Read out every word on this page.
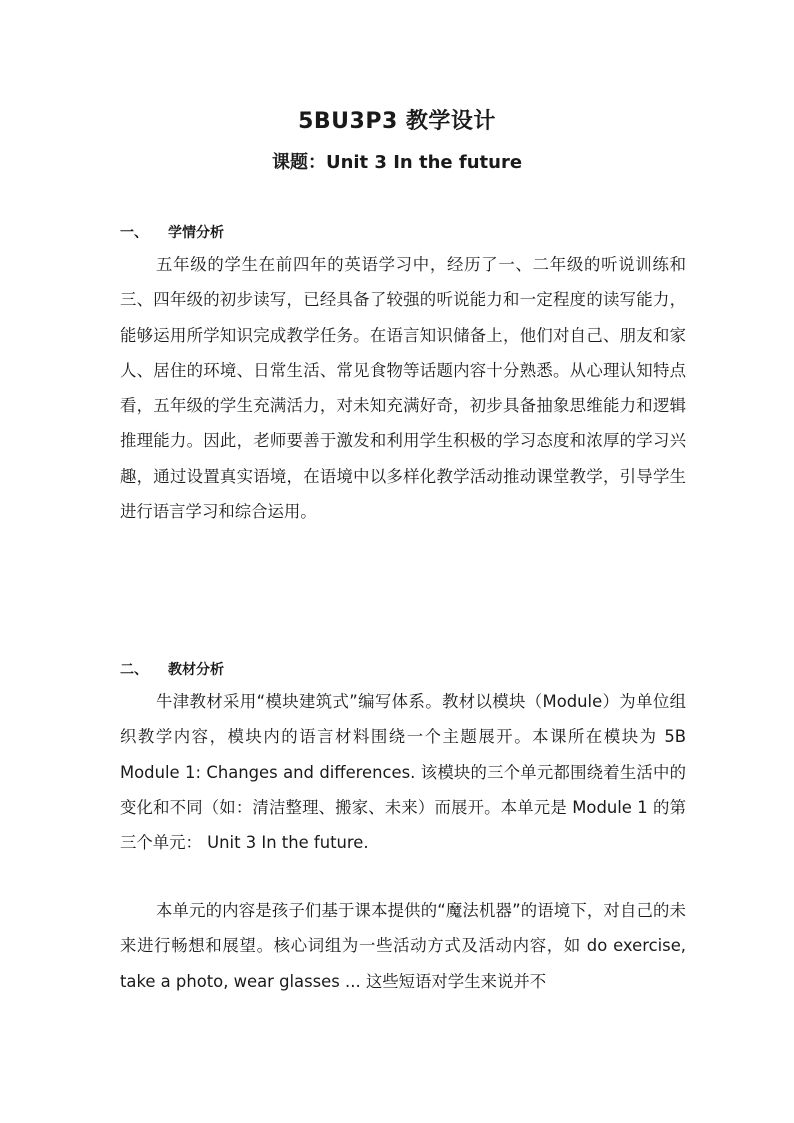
5BU3P3 教学设计
课题：Unit 3 In the future
一、 学情分析

五年级的学生在前四年的英语学习中，经历了一、二年级的听说训练和三、四年级的初步读写，已经具备了较强的听说能力和一定程度的读写能力，能够运用所学知识完成教学任务。在语言知识储备上，他们对自己、朋友和家人、居住的环境、日常生活、常见食物等话题内容十分熟悉。从心理认知特点看，五年级的学生充满活力，对未知充满好奇，初步具备抽象思维能力和逻辑推理能力。因此，老师要善于激发和利用学生积极的学习态度和浓厚的学习兴趣，通过设置真实语境，在语境中以多样化教学活动推动课堂教学，引导学生进行语言学习和综合运用。

二、 教材分析

牛津教材采用“模块建筑式”编写体系。教材以模块（Module）为单位组织教学内容，模块内的语言材料围绕一个主题展开。本课所在模块为 5B Module 1: Changes and differences. 该模块的三个单元都围绕着生活中的变化和不同（如：清洁整理、搬家、未来）而展开。本单元是 Module 1 的第三个单元： Unit 3 In the future.

本单元的内容是孩子们基于课本提供的“魔法机器”的语境下，对自己的未来进行畅想和展望。核心词组为一些活动方式及活动内容，如 do exercise, take a photo, wear glasses ... 这些短语对学生来说并不
